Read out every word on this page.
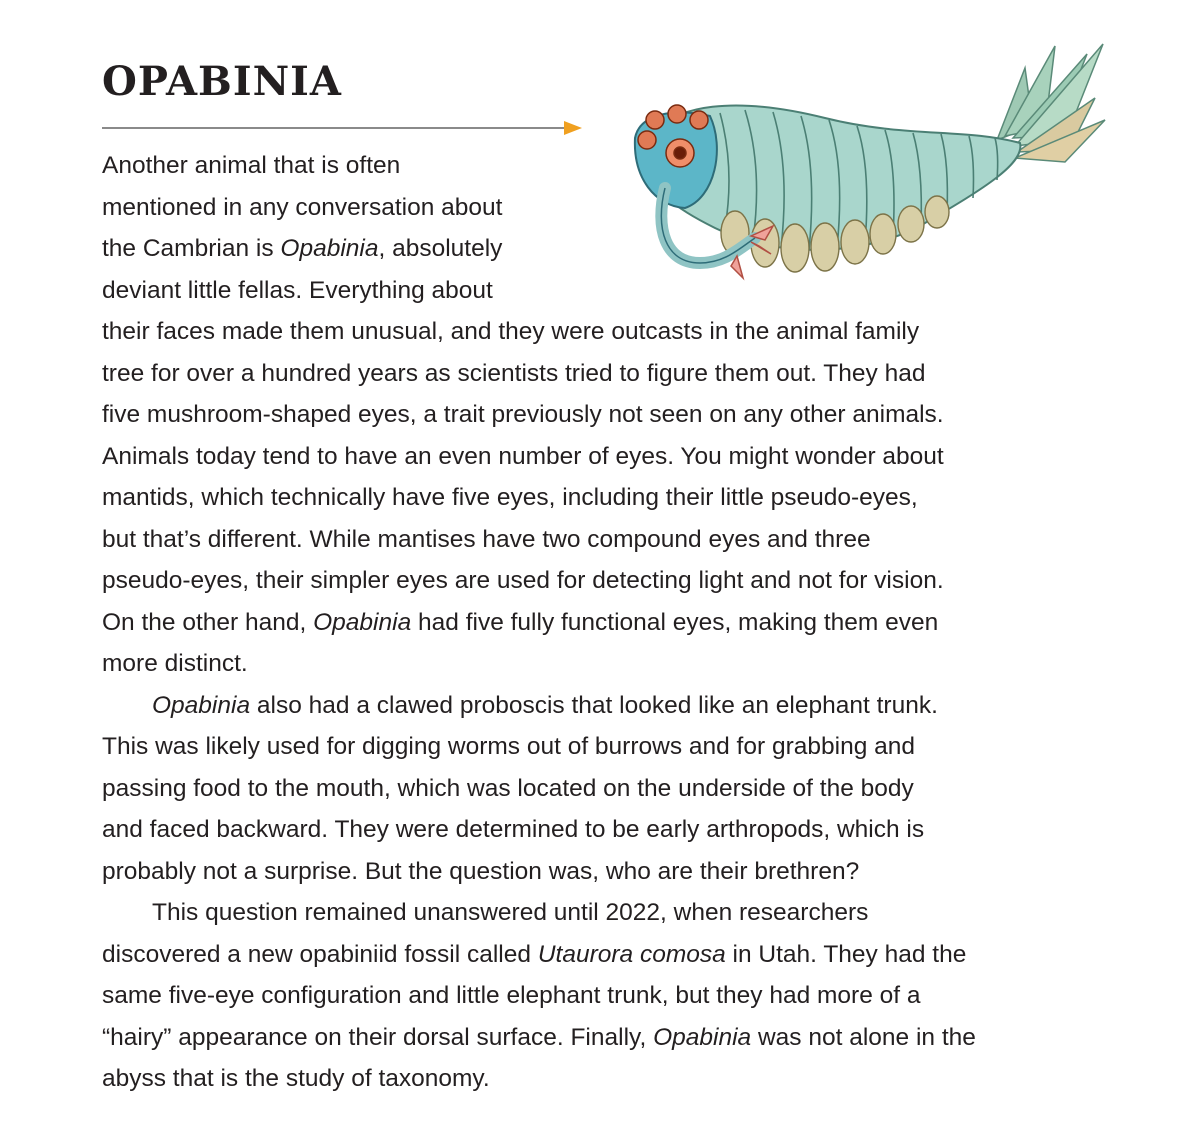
OPABINIA

Another animal that is often
mentioned in any conversation about
the Cambrian is Opabinia, absolutely
deviant little fellas. Everything about
their faces made them unusual, and they were outcasts in the animal family
tree for over a hundred years as scientists tried to figure them out. They had
five mushroom-shaped eyes, a trait previously not seen on any other animals.
Animals today tend to have an even number of eyes. You might wonder about
mantids, which technically have five eyes, including their little pseudo-eyes,
but that’s different. While mantises have two compound eyes and three
pseudo-eyes, their simpler eyes are used for detecting light and not for vision.
On the other hand, Opabinia had five fully functional eyes, making them even
more distinct.

Opabinia also had a clawed proboscis that looked like an elephant trunk.
This was likely used for digging worms out of burrows and for grabbing and
passing food to the mouth, which was located on the underside of the body
and faced backward. They were determined to be early arthropods, which is
probably not a surprise. But the question was, who are their brethren?

This question remained unanswered until 2022, when researchers
discovered a new opabiniid fossil called Utaurora comosa in Utah. They had the
same five-eye configuration and little elephant trunk, but they had more of a
“hairy” appearance on their dorsal surface. Finally, Opabinia was not alone in the
abyss that is the study of taxonomy.
